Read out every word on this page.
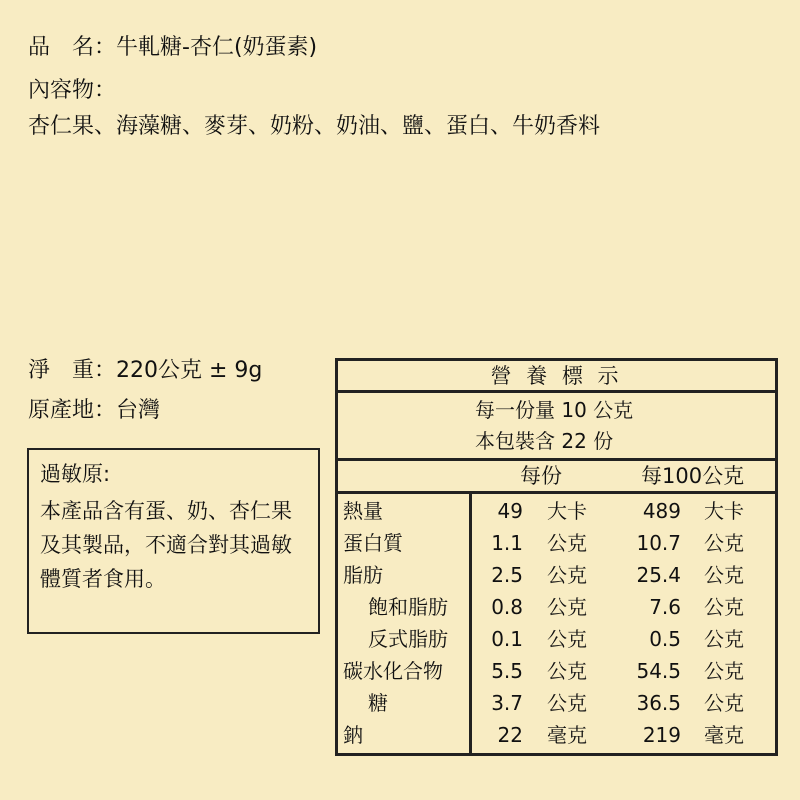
品　名：牛軋糖-杏仁(奶蛋素)
內容物：
杏仁果、海藻糖、麥芽、奶粉、奶油、鹽、蛋白、牛奶香料
淨　重：220公克 ± 9g
原產地：台灣
過敏原:
本產品含有蛋、奶、杏仁果及其製品，不適合對其過敏體質者食用。
營 養 標 示
每一份量 10 公克
本包裝含 22 份
每份	每100公克
熱量	49 大卡	489 大卡
蛋白質	1.1 公克 10.7 公克
脂肪	2.5 公克 25.4 公克
飽和脂肪 0.8 公克	7.6 公克
反式脂肪 0.1 公克	0.5 公克
碳水化合物 5.5 公克 54.5 公克
糖	3.7 公克 36.5 公克
鈉	22 毫克	219 毫克
